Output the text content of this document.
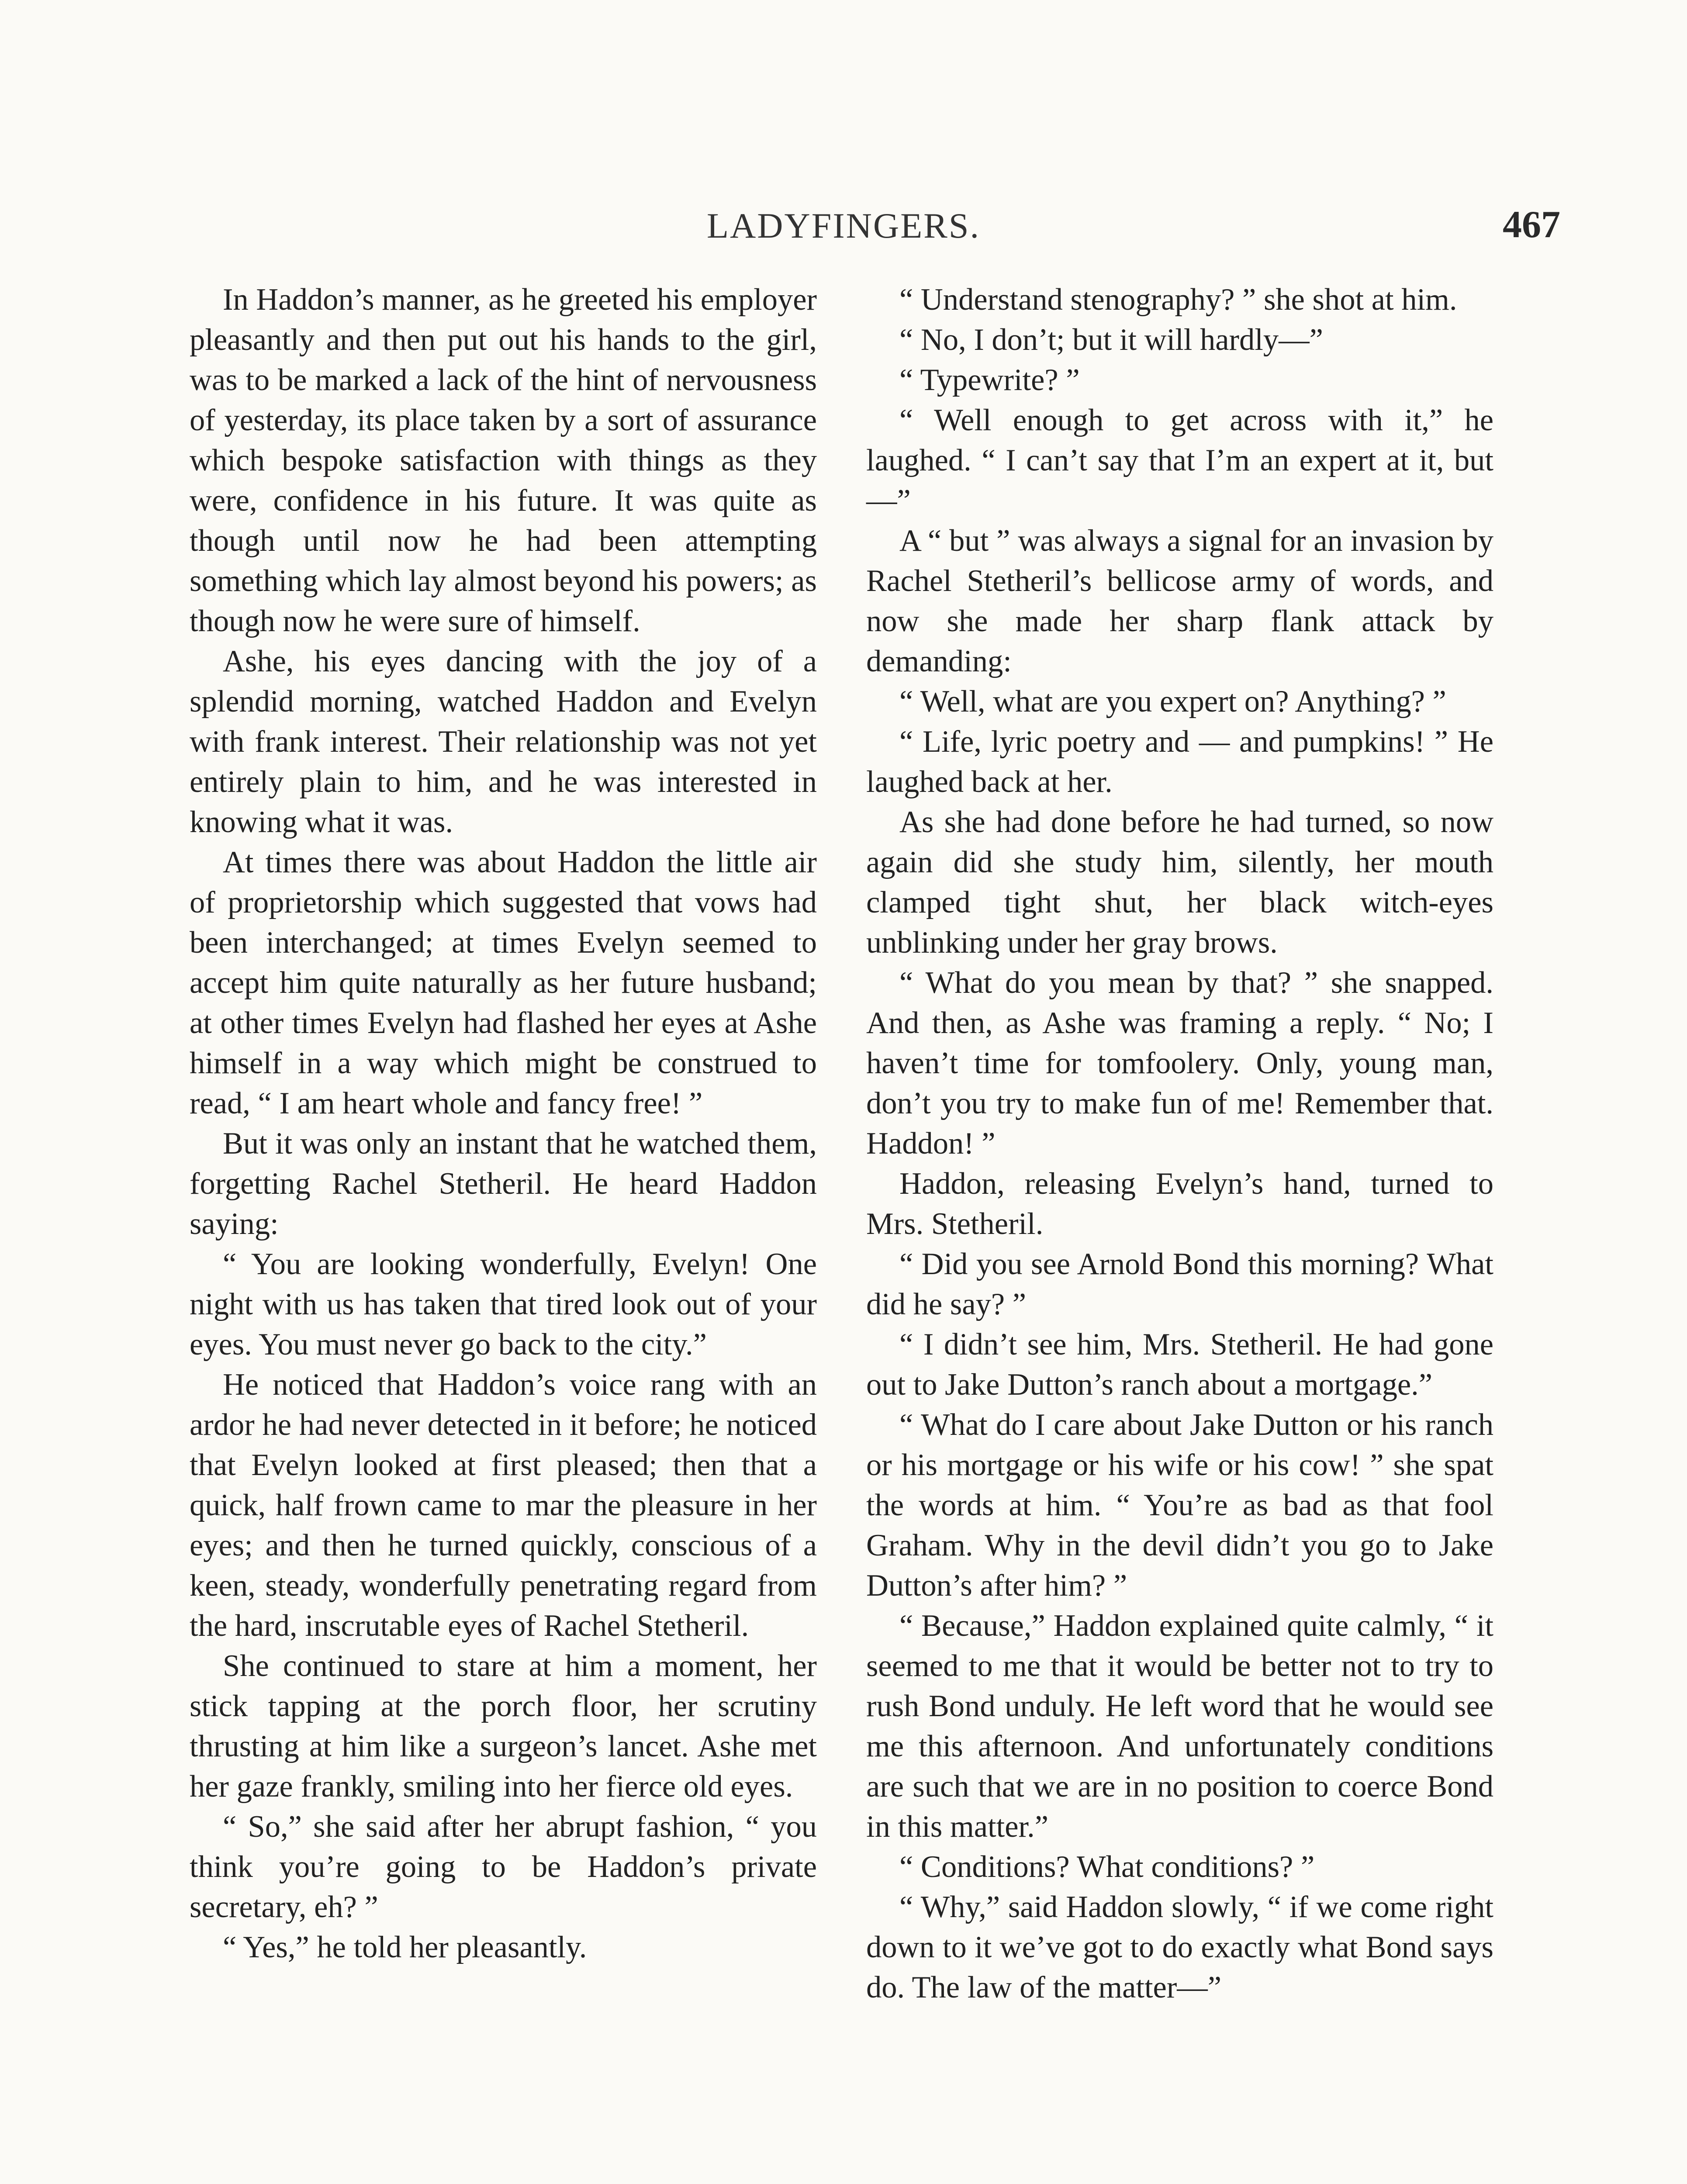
LADYFINGERS.	467

In Haddon’s manner, as he greeted his employer pleasantly and then put out his hands to the girl, was to be marked a lack of the hint of nervousness of yesterday, its place taken by a sort of assurance which bespoke satisfaction with things as they were, confidence in his future. It was quite as though until now he had been attempting something which lay almost beyond his powers; as though now he were sure of himself.

Ashe, his eyes dancing with the joy of a splendid morning, watched Haddon and Evelyn with frank interest. Their relationship was not yet entirely plain to him, and he was interested in knowing what it was.

At times there was about Haddon the little air of proprietorship which suggested that vows had been interchanged; at times Evelyn seemed to accept him quite naturally as her future husband; at other times Evelyn had flashed her eyes at Ashe himself in a way which might be construed to read, “ I am heart whole and fancy free! ”

But it was only an instant that he watched them, forgetting Rachel Stetheril. He heard Haddon saying:

“ You are looking wonderfully, Evelyn! One night with us has taken that tired look out of your eyes. You must never go back to the city.”

He noticed that Haddon’s voice rang with an ardor he had never detected in it before; he noticed that Evelyn looked at first pleased; then that a quick, half frown came to mar the pleasure in her eyes; and then he turned quickly, conscious of a keen, steady, wonderfully penetrating regard from the hard, inscrutable eyes of Rachel Stetheril.

She continued to stare at him a moment, her stick tapping at the porch floor, her scrutiny thrusting at him like a surgeon’s lancet. Ashe met her gaze frankly, smiling into her fierce old eyes.

“ So,” she said after her abrupt fashion, “ you think you’re going to be Haddon’s private secretary, eh? ”

“ Yes,” he told her pleasantly.

“ Understand stenography? ” she shot at him.

“ No, I don’t; but it will hardly—”

“ Typewrite? ”

“ Well enough to get across with it,” he laughed. “ I can’t say that I’m an expert at it, but—”

A “ but ” was always a signal for an invasion by Rachel Stetheril’s bellicose army of words, and now she made her sharp flank attack by demanding:

“ Well, what are you expert on? Anything? ”

“ Life, lyric poetry and — and pumpkins! ” He laughed back at her.

As she had done before he had turned, so now again did she study him, silently, her mouth clamped tight shut, her black witch-eyes unblinking under her gray brows.

“ What do you mean by that? ” she snapped. And then, as Ashe was framing a reply. “ No; I haven’t time for tomfoolery. Only, young man, don’t you try to make fun of me! Remember that. Haddon! ”

Haddon, releasing Evelyn’s hand, turned to Mrs. Stetheril.

“ Did you see Arnold Bond this morning? What did he say? ”

“ I didn’t see him, Mrs. Stetheril. He had gone out to Jake Dutton’s ranch about a mortgage.”

“ What do I care about Jake Dutton or his ranch or his mortgage or his wife or his cow! ” she spat the words at him. “ You’re as bad as that fool Graham. Why in the devil didn’t you go to Jake Dutton’s after him? ”

“ Because,” Haddon explained quite calmly, “ it seemed to me that it would be better not to try to rush Bond unduly. He left word that he would see me this afternoon. And unfortunately conditions are such that we are in no position to coerce Bond in this matter.”

“ Conditions? What conditions? ”

“ Why,” said Haddon slowly, “ if we come right down to it we’ve got to do exactly what Bond says do. The law of the matter—”
